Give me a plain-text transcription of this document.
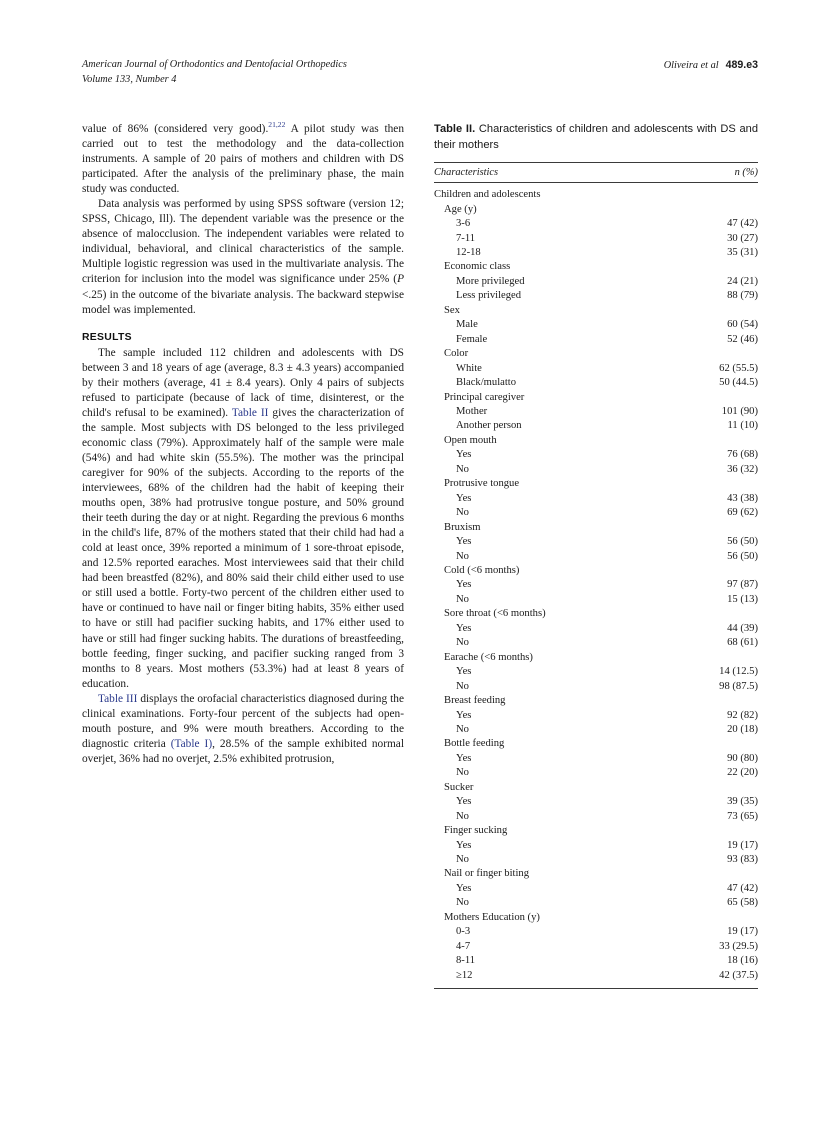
American Journal of Orthodontics and Dentofacial Orthopedics
Volume 133, Number 4
Oliveira et al 489.e3

value of 86% (considered very good).$^{21,22}$ A pilot study was then carried out to test the methodology and the data-collection instruments. A sample of 20 pairs of mothers and children with DS participated. After the analysis of the preliminary phase, the main study was conducted.

Data analysis was performed by using SPSS software (version 12; SPSS, Chicago, Ill). The dependent variable was the presence or the absence of malocclusion. The independent variables were related to individual, behavioral, and clinical characteristics of the sample. Multiple logistic regression was used in the multivariate analysis. The criterion for inclusion into the model was significance under 25% (P <.25) in the outcome of the bivariate analysis. The backward stepwise model was implemented.

RESULTS

The sample included 112 children and adolescents with DS between 3 and 18 years of age (average, 8.3 ± 4.3 years) accompanied by their mothers (average, 41 ± 8.4 years). Only 4 pairs of subjects refused to participate (because of lack of time, disinterest, or the child's refusal to be examined). Table II gives the characterization of the sample. Most subjects with DS belonged to the less privileged economic class (79%). Approximately half of the sample were male (54%) and had white skin (55.5%). The mother was the principal caregiver for 90% of the subjects. According to the reports of the interviewees, 68% of the children had the habit of keeping their mouths open, 38% had protrusive tongue posture, and 50% ground their teeth during the day or at night. Regarding the previous 6 months in the child's life, 87% of the mothers stated that their child had had a cold at least once, 39% reported a minimum of 1 sore-throat episode, and 12.5% reported earaches. Most interviewees said that their child had been breastfed (82%), and 80% said their child either used to use or still used a bottle. Forty-two percent of the children either used to have or continued to have nail or finger biting habits, 35% either used to have or still had pacifier sucking habits, and 17% either used to have or still had finger sucking habits. The durations of breastfeeding, bottle feeding, finger sucking, and pacifier sucking ranged from 3 months to 8 years. Most mothers (53.3%) had at least 8 years of education.

Table III displays the orofacial characteristics diagnosed during the clinical examinations. Forty-four percent of the subjects had open-mouth posture, and 9% were mouth breathers. According to the diagnostic criteria (Table I), 28.5% of the sample exhibited normal overjet, 36% had no overjet, 2.5% exhibited protrusion,

Table II. Characteristics of children and adolescents with DS and their mothers

Characteristics	n (%)

Children and adolescents	
Age (y)	
3-6	47 (42)
7-11	30 (27)
12-18	35 (31)
Economic class	
More privileged	24 (21)
Less privileged	88 (79)
Sex	
Male	60 (54)
Female	52 (46)
Color	
White	62 (55.5)
Black/mulatto	50 (44.5)
Principal caregiver	
Mother	101 (90)
Another person	11 (10)
Open mouth	
Yes	76 (68)
No	36 (32)
Protrusive tongue	
Yes	43 (38)
No	69 (62)
Bruxism	
Yes	56 (50)
No	56 (50)
Cold (<6 months)	
Yes	97 (87)
No	15 (13)
Sore throat (<6 months)	
Yes	44 (39)
No	68 (61)
Earache (<6 months)	
Yes	14 (12.5)
No	98 (87.5)
Breast feeding	
Yes	92 (82)
No	20 (18)
Bottle feeding	
Yes	90 (80)
No	22 (20)
Sucker	
Yes	39 (35)
No	73 (65)
Finger sucking	
Yes	19 (17)
No	93 (83)
Nail or finger biting	
Yes	47 (42)
No	65 (58)
Mothers Education (y)	
0-3	19 (17)
4-7	33 (29.5)
8-11	18 (16)
≥12	42 (37.5)
